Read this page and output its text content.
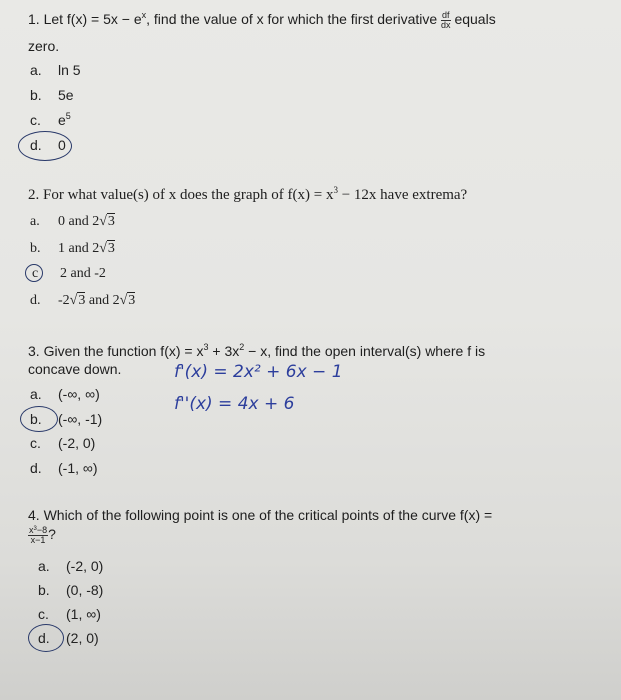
1. Let $f(x) = 5x - e^x$, find the value of x for which the first derivative $\frac{df}{dx}$ equals
zero.
a. ln 5
b. 5e
c. $e^5$
d. 0
2. For what value(s) of x does the graph of $f(x) = x^3 - 12x$ have extrema?
a. 0 and 2√3
b. 1 and 2√3
c 2 and -2
d. -2√3 and 2√3
3. Given the function $f(x) = x^3 + 3x^2 - x$, find the open interval(s) where f is
concave down.	f'(x) = 2x² + 6x − 1
f''(x) = 4x + 6
a. (-∞, ∞)
b. (-∞, -1)
c. (-2, 0)
d. (-1, ∞)
4. Which of the following point is one of the critical points of the curve f(x) =
$\frac{x^3-8}{x-1}$ ?
a. (-2, 0)
b. (0, -8)
c. (1, ∞)
d. (2, 0)
